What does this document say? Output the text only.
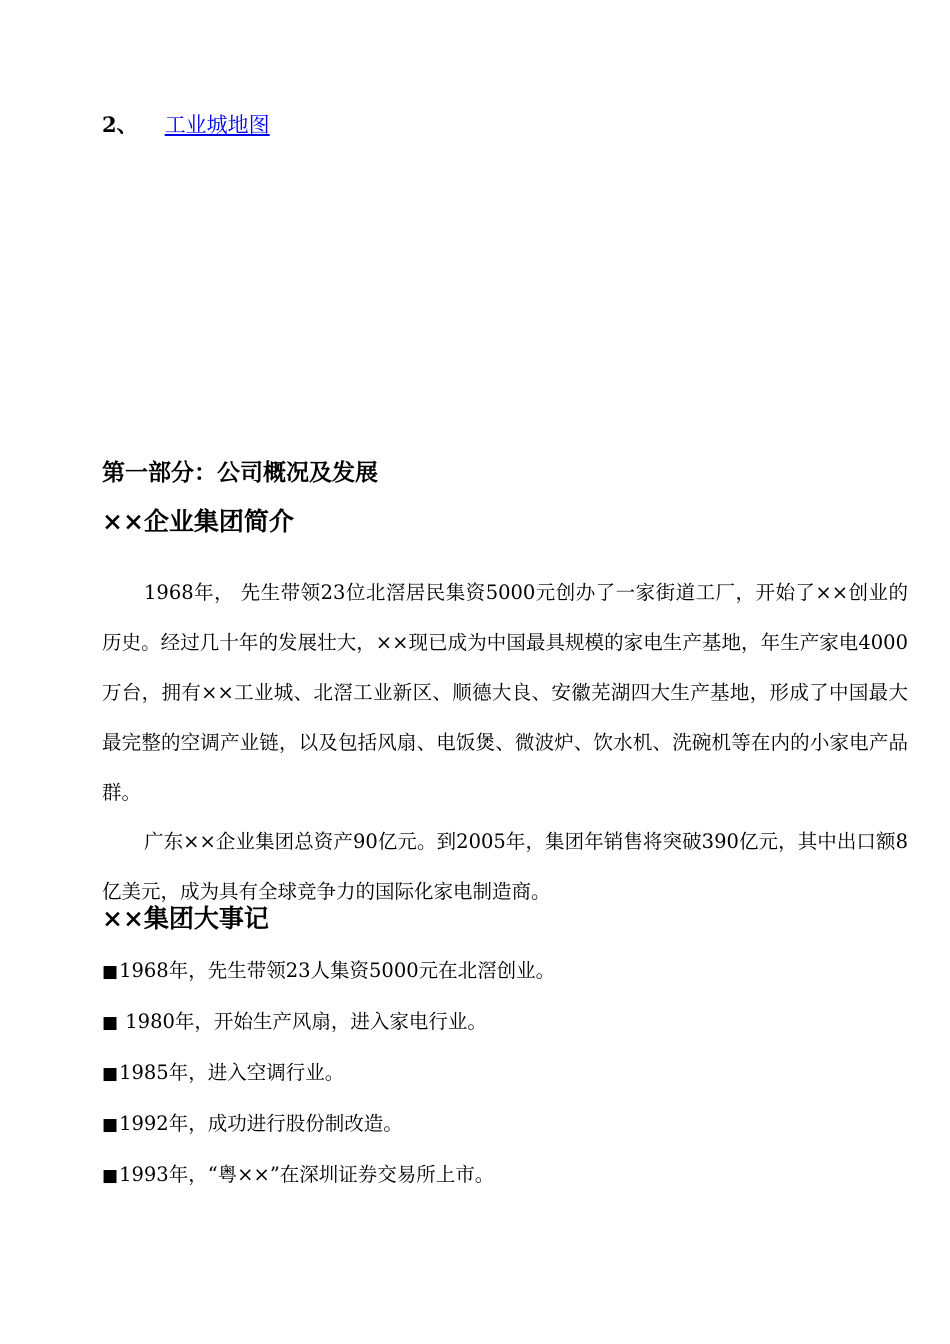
2、 工业城地图
第一部分：公司概况及发展
××企业集团简介

1968年， 先生带领23位北滘居民集资5000元创办了一家街道工厂，开始了××创业的历史。经过几十年的发展壮大，××现已成为中国最具规模的家电生产基地，年生产家电4000万台，拥有××工业城、北滘工业新区、顺德大良、安徽芜湖四大生产基地，形成了中国最大最完整的空调产业链，以及包括风扇、电饭煲、微波炉、饮水机、洗碗机等在内的小家电产品群。

广东××企业集团总资产90亿元。到2005年，集团年销售将突破390亿元，其中出口额8亿美元，成为具有全球竞争力的国际化家电制造商。

××集团大事记
■1968年，先生带领23人集资5000元在北滘创业。
■ 1980年，开始生产风扇，进入家电行业。
■1985年，进入空调行业。
■1992年，成功进行股份制改造。
■1993年，“粤××”在深圳证券交易所上市。
